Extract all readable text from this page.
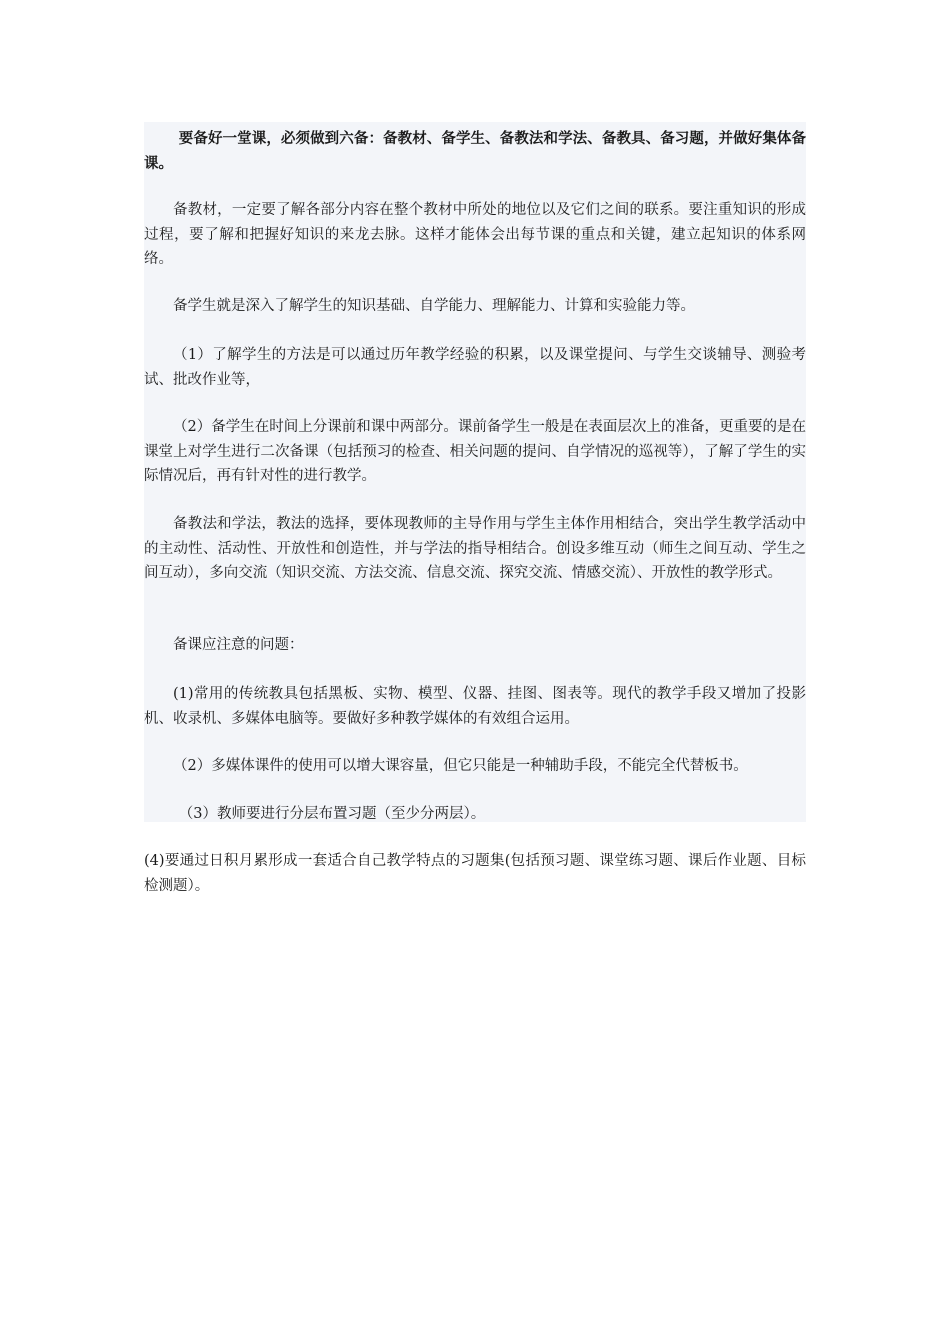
要备好一堂课，必须做到六备：备教材、备学生、备教法和学法、备教具、备习题，并做好集体备课。

备教材，一定要了解各部分内容在整个教材中所处的地位以及它们之间的联系。要注重知识的形成过程，要了解和把握好知识的来龙去脉。这样才能体会出每节课的重点和关键，建立起知识的体系网络。

备学生就是深入了解学生的知识基础、自学能力、理解能力、计算和实验能力等。

（1）了解学生的方法是可以通过历年教学经验的积累，以及课堂提问、与学生交谈辅导、测验考试、批改作业等，

（2）备学生在时间上分课前和课中两部分。课前备学生一般是在表面层次上的准备，更重要的是在课堂上对学生进行二次备课（包括预习的检查、相关问题的提问、自学情况的巡视等），了解了学生的实际情况后，再有针对性的进行教学。

备教法和学法，教法的选择，要体现教师的主导作用与学生主体作用相结合，突出学生教学活动中的主动性、活动性、开放性和创造性，并与学法的指导相结合。创设多维互动（师生之间互动、学生之间互动），多向交流（知识交流、方法交流、信息交流、探究交流、情感交流）、开放性的教学形式。

备课应注意的问题：

(1)常用的传统教具包括黑板、实物、模型、仪器、挂图、图表等。现代的教学手段又增加了投影机、收录机、多媒体电脑等。要做好多种教学媒体的有效组合运用。

（2）多媒体课件的使用可以增大课容量，但它只能是一种辅助手段，不能完全代替板书。

（3）教师要进行分层布置习题（至少分两层）。

(4)要通过日积月累形成一套适合自己教学特点的习题集(包括预习题、课堂练习题、课后作业题、目标检测题）。
